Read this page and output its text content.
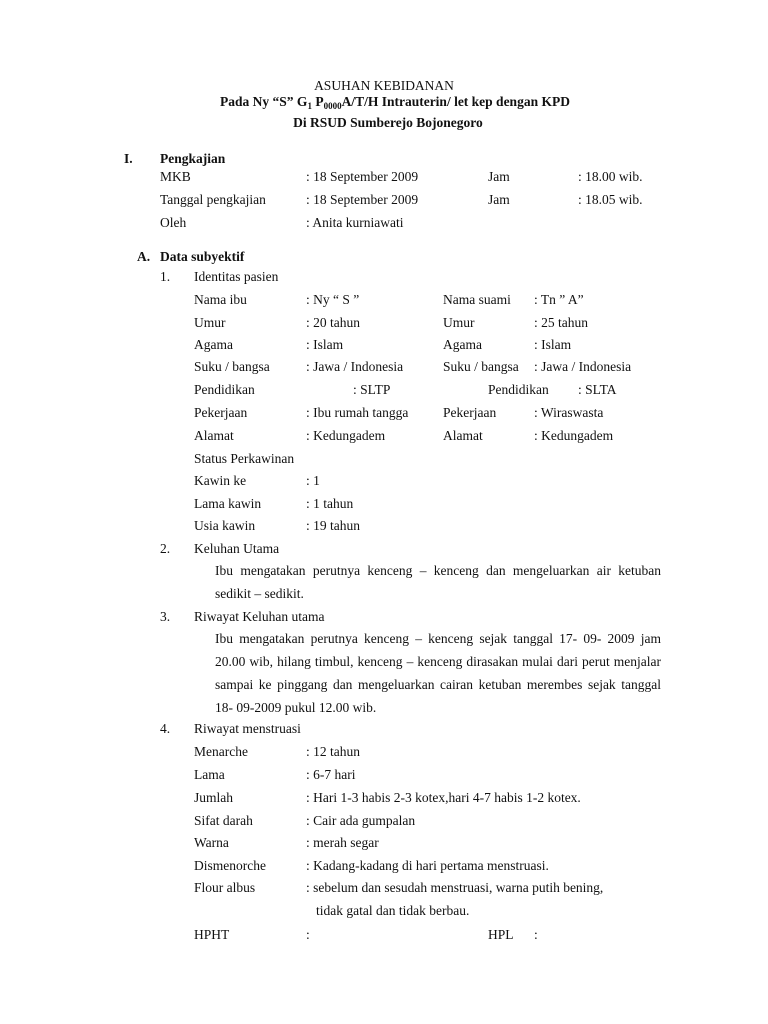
ASUHAN KEBIDANAN
Pada Ny “S” $G_1$ $P_{0000}A/T/H$ Intrauterin/ let kep dengan KPD
Di RSUD Sumberejo Bojonegoro
I. Pengkajian
MKB	: 18 September 2009	Jam	: 18.00 wib.
Tanggal pengkajian	: 18 September 2009	Jam	: 18.05 wib.
Oleh	: Anita kurniawati
A. Data subyektif
1. Identitas pasien
Nama ibu	: Ny “ S ”	Nama suami : Tn ” A”
Umur	: 20 tahun	Umur	: 25 tahun
Agama	: Islam	Agama	: Islam
Suku / bangsa	: Jawa / Indonesia	Suku / bangsa : Jawa / Indonesia
Pendidikan	: SLTP	Pendidikan : SLTA
Pekerjaan	: Ibu rumah tangga	Pekerjaan	: Wiraswasta
Alamat	: Kedungadem	Alamat	: Kedungadem
Status Perkawinan
Kawin ke	: 1
Lama kawin	: 1 tahun
Usia kawin	: 19 tahun
2. Keluhan Utama
Ibu mengatakan perutnya kenceng – kenceng dan mengeluarkan air ketuban sedikit – sedikit.
3. Riwayat Keluhan utama
Ibu mengatakan perutnya kenceng – kenceng sejak tanggal 17- 09- 2009 jam 20.00 wib, hilang timbul, kenceng – kenceng dirasakan mulai dari perut menjalar sampai ke pinggang dan mengeluarkan cairan ketuban merembes sejak tanggal 18- 09-2009 pukul 12.00 wib.
4. Riwayat menstruasi
Menarche	: 12 tahun
Lama	: 6-7 hari
Jumlah	: Hari 1-3 habis 2-3 kotex,hari 4-7 habis 1-2 kotex.
Sifat darah	: Cair ada gumpalan
Warna	: merah segar
Dismenorche	: Kadang-kadang di hari pertama menstruasi.
Flour albus	: sebelum dan sesudah menstruasi, warna putih bening,
tidak gatal dan tidak berbau.
HPHT	:	HPL :
